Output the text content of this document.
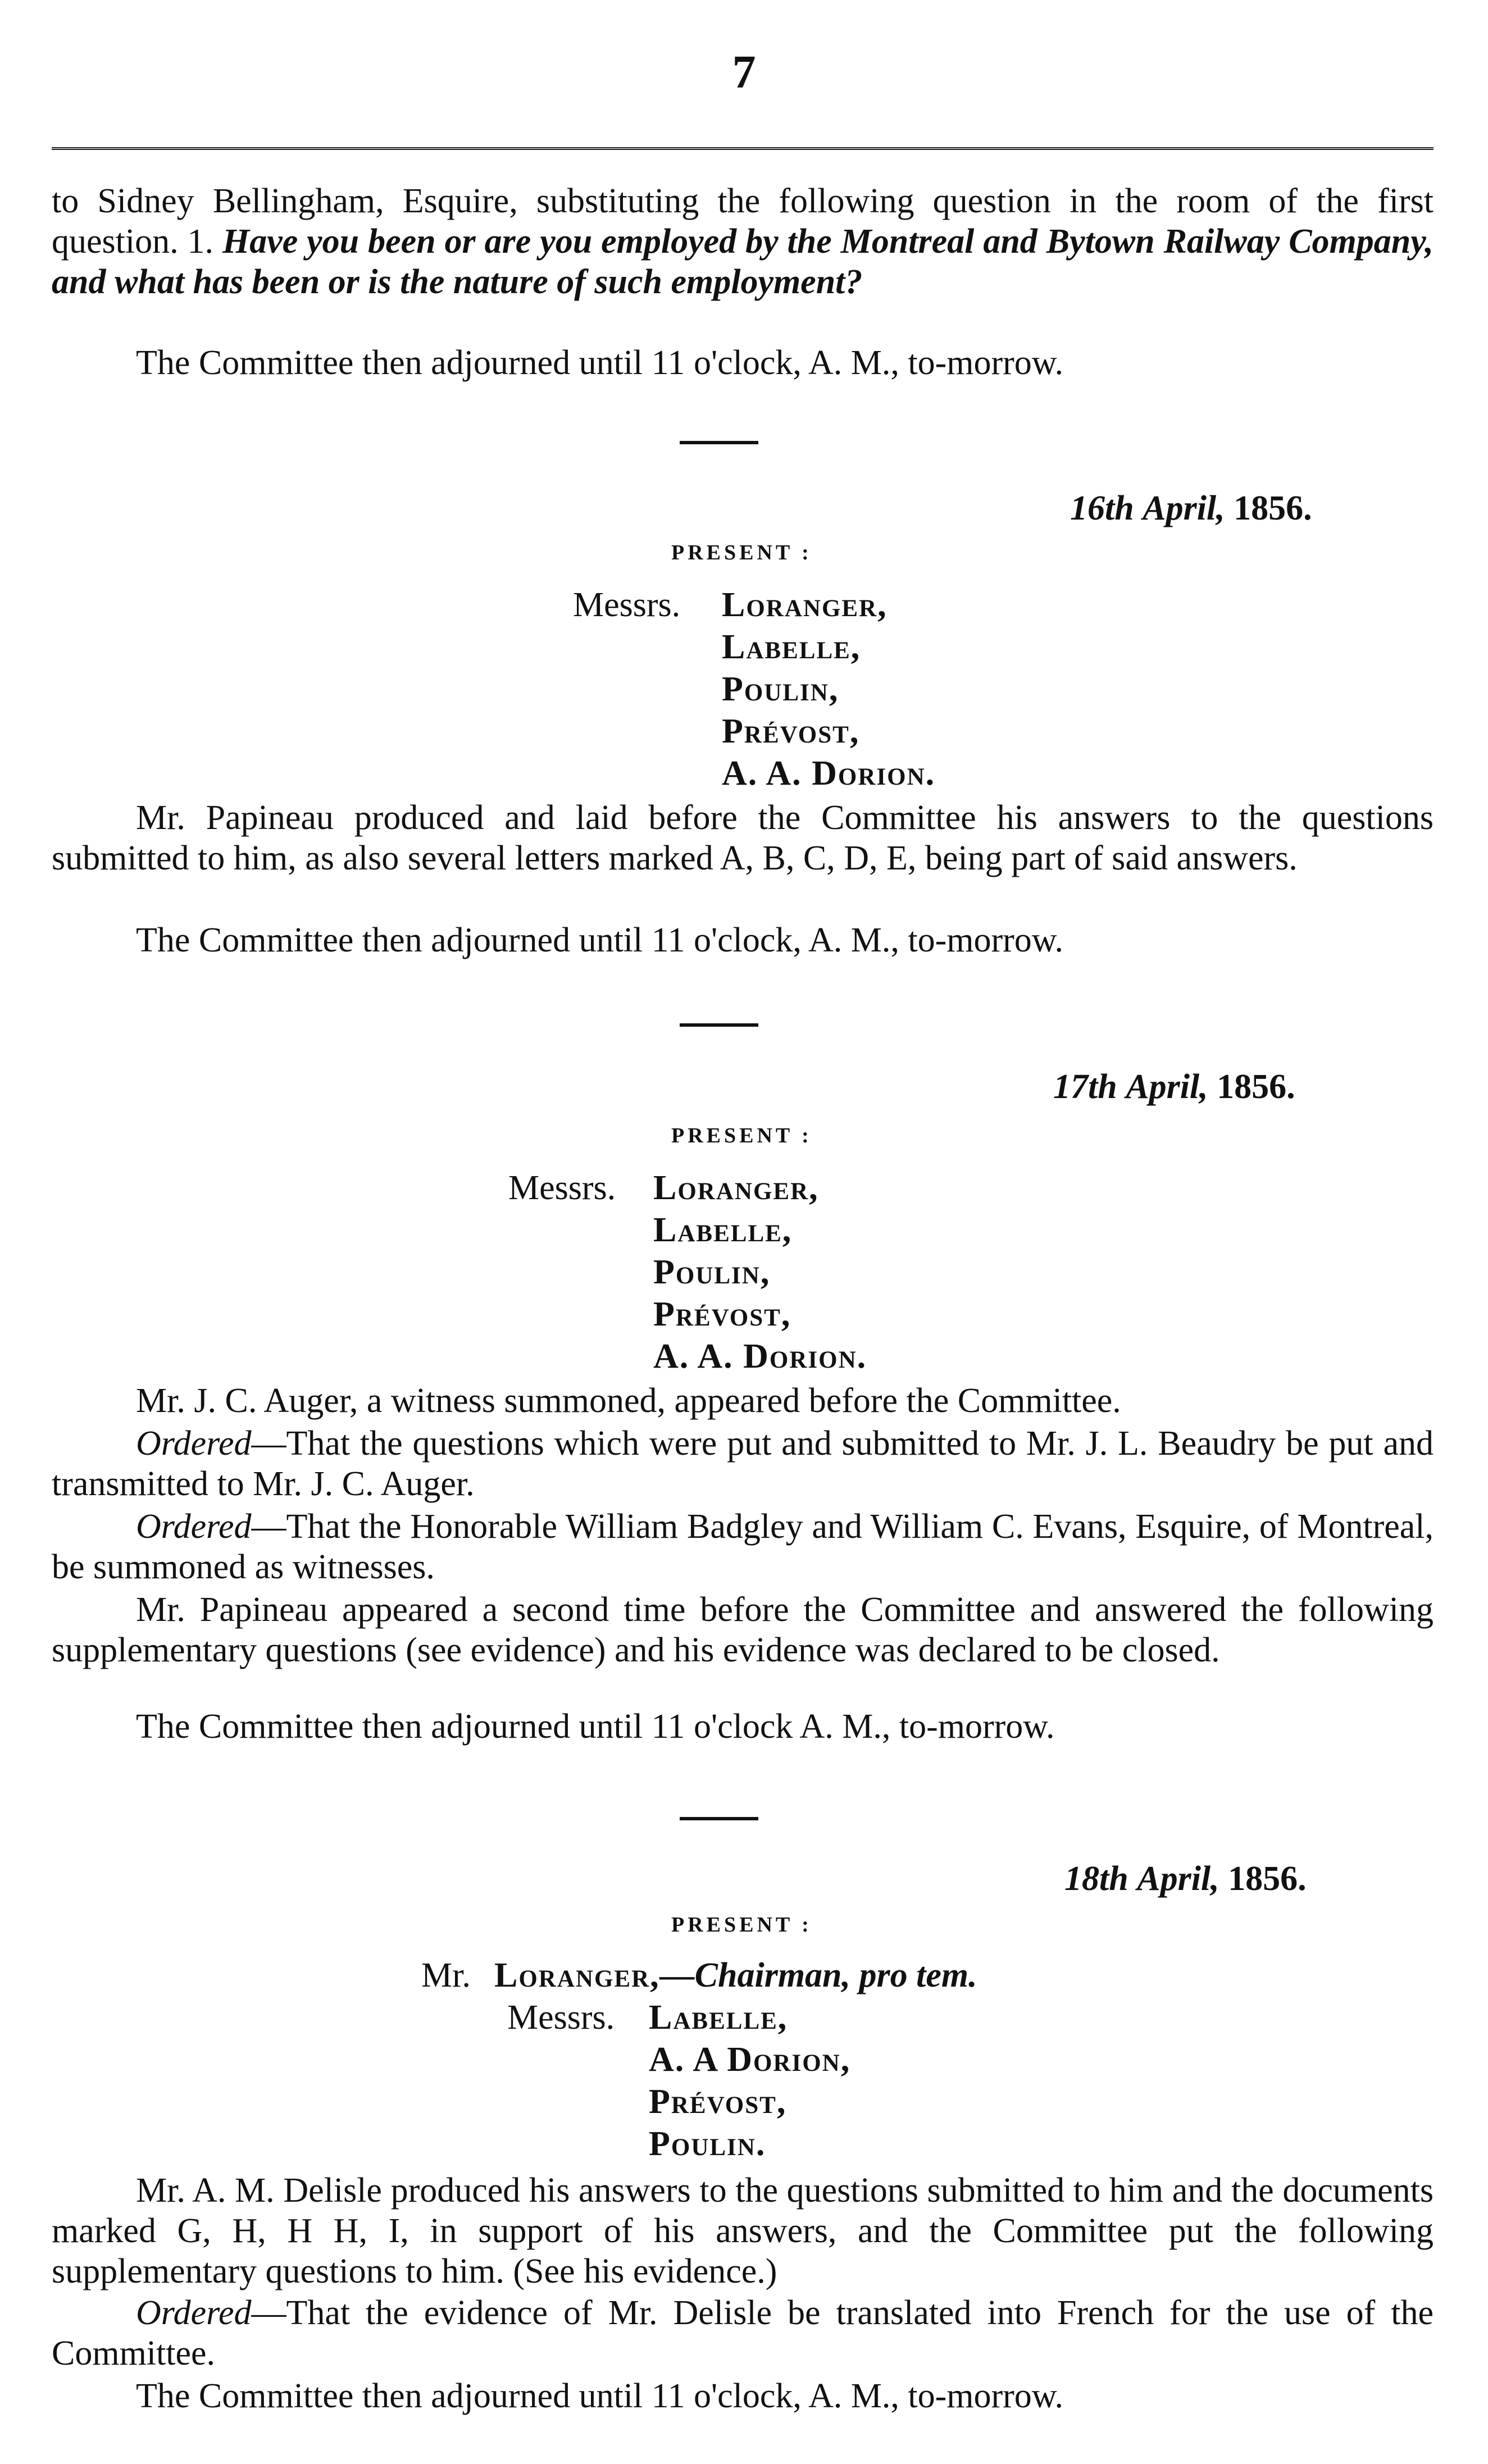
7

to Sidney Bellingham, Esquire, substituting the following question in the room of the first question. 1. Have you been or are you employed by the Montreal and Bytown Railway Company, and what has been or is the nature of such employment?

The Committee then adjourned until 11 o'clock, A. M., to-morrow.

16th April, 1856.
PRESENT :
Messrs. Loranger,
Labelle,
Poulin,
Prévost,
A. A. Dorion.

Mr. Papineau produced and laid before the Committee his answers to the questions submitted to him, as also several letters marked A, B, C, D, E, being part of said answers.

The Committee then adjourned until 11 o'clock, A. M., to-morrow.

17th April, 1856.
PRESENT :
Messrs. Loranger,
Labelle,
Poulin,
Prévost,
A. A. Dorion.

Mr. J. C. Auger, a witness summoned, appeared before the Committee.

Ordered—That the questions which were put and submitted to Mr. J. L. Beaudry be put and transmitted to Mr. J. C. Auger.

Ordered—That the Honorable William Badgley and William C. Evans, Esquire, of Montreal, be summoned as witnesses.

Mr. Papineau appeared a second time before the Committee and answered the following supplementary questions (see evidence) and his evidence was declared to be closed.

The Committee then adjourned until 11 o'clock A. M., to-morrow.

18th April, 1856.
PRESENT :
Mr. Loranger,—Chairman, pro tem.
Messrs. Labelle,
A. A Dorion,
Prévost,
Poulin.

Mr. A. M. Delisle produced his answers to the questions submitted to him and the documents marked G, H, H H, I, in support of his answers, and the Committee put the following supplementary questions to him. (See his evidence.)

Ordered—That the evidence of Mr. Delisle be translated into French for the use of the Committee.

The Committee then adjourned until 11 o'clock, A. M., to-morrow.
